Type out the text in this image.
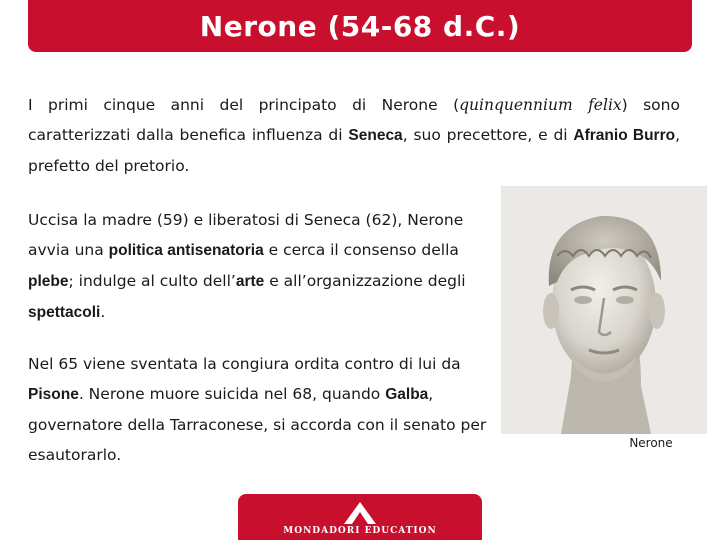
Nerone (54-68 d.C.)
I primi cinque anni del principato di Nerone (quinquennium felix) sono caratterizzati dalla benefica influenza di Seneca, suo precettore, e di Afranio Burro, prefetto del pretorio.
Uccisa la madre (59) e liberatosi di Seneca (62), Nerone avvia una politica antisenatoria e cerca il consenso della plebe; indulge al culto dell’arte e all’organizzazione degli spettacoli.
Nel 65 viene sventata la congiura ordita contro di lui da Pisone. Nerone muore suicida nel 68, quando Galba, governatore della Tarraconese, si accorda con il senato per esautorarlo.
Nerone
MONDADORI EDUCATION
